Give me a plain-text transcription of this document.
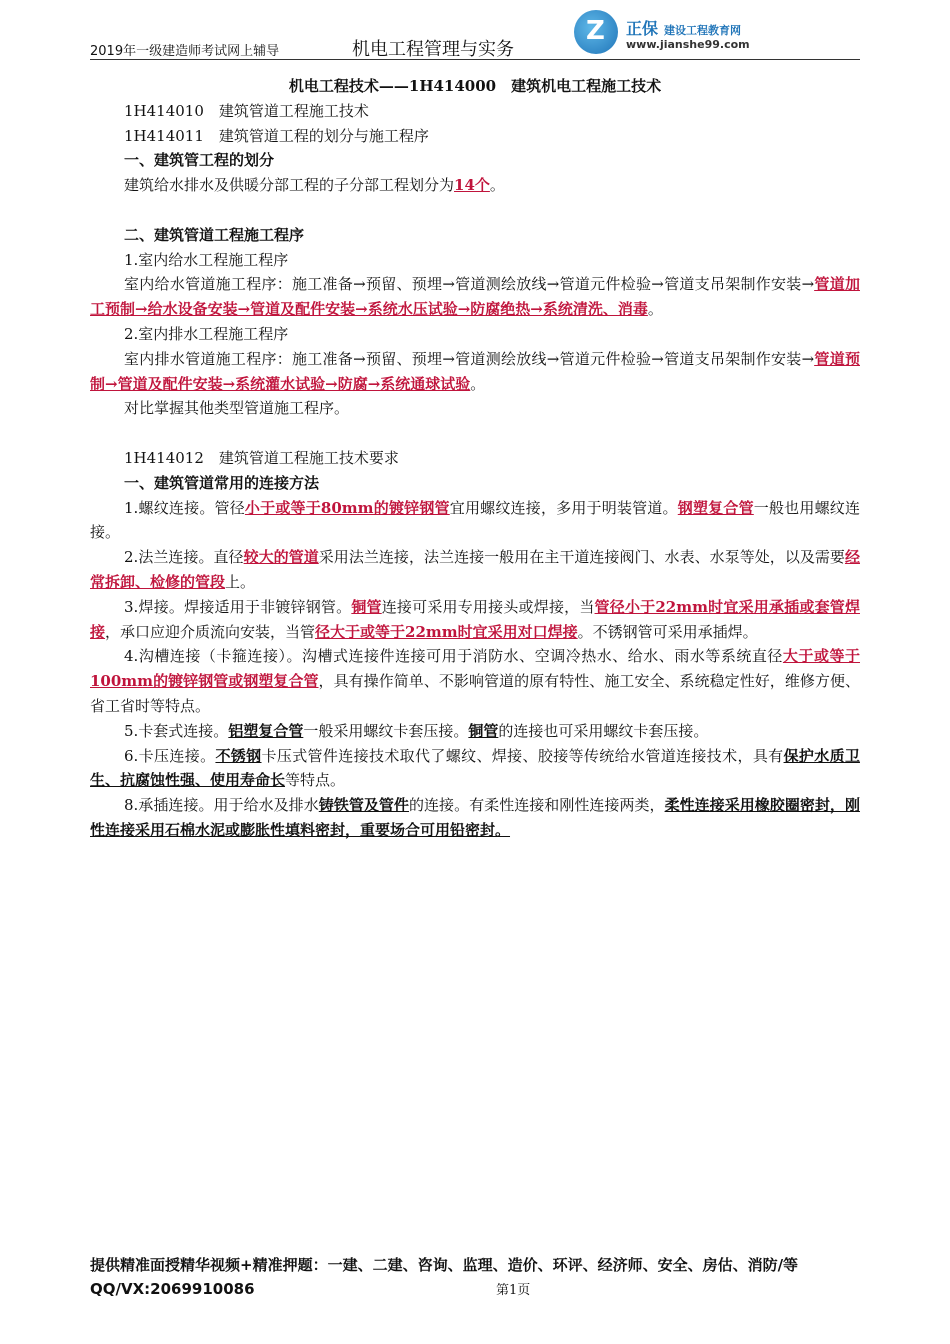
2019年一级建造师考试网上辅导	机电工程管理与实务
Z 正保 建设工程教育网
www.jianshe99.com

机电工程技术——1H414000　建筑机电工程施工技术

1H414010　建筑管道工程施工技术

1H414011　建筑管道工程的划分与施工程序

一、建筑管工程的划分

建筑给水排水及供暖分部工程的子分部工程划分为14个。

二、建筑管道工程施工程序

1.室内给水工程施工程序

室内给水管道施工程序：施工准备→预留、预埋→管道测绘放线→管道元件检验→管道支吊架制作安装→管道加工预制→给水设备安装→管道及配件安装→系统水压试验→防腐绝热→系统清洗、消毒。

2.室内排水工程施工程序

室内排水管道施工程序：施工准备→预留、预埋→管道测绘放线→管道元件检验→管道支吊架制作安装→管道预制→管道及配件安装→系统灌水试验→防腐→系统通球试验。

对比掌握其他类型管道施工程序。

1H414012　建筑管道工程施工技术要求

一、建筑管道常用的连接方法

1.螺纹连接。管径小于或等于80mm的镀锌钢管宜用螺纹连接，多用于明装管道。钢塑复合管一般也用螺纹连接。

2.法兰连接。直径较大的管道采用法兰连接，法兰连接一般用在主干道连接阀门、水表、水泵等处，以及需要经常拆卸、检修的管段上。

3.焊接。焊接适用于非镀锌钢管。铜管连接可采用专用接头或焊接，当管径小于22mm时宜采用承插或套管焊接，承口应迎介质流向安装，当管径大于或等于22mm时宜采用对口焊接。不锈钢管可采用承插焊。

4.沟槽连接（卡箍连接）。沟槽式连接件连接可用于消防水、空调冷热水、给水、雨水等系统直径大于或等于100mm的镀锌钢管或钢塑复合管，具有操作简单、不影响管道的原有特性、施工安全、系统稳定性好，维修方便、省工省时等特点。

5.卡套式连接。铝塑复合管一般采用螺纹卡套压接。铜管的连接也可采用螺纹卡套压接。

6.卡压连接。不锈钢卡压式管件连接技术取代了螺纹、焊接、胶接等传统给水管道连接技术，具有保护水质卫生、抗腐蚀性强、使用寿命长等特点。

8.承插连接。用于给水及排水铸铁管及管件的连接。有柔性连接和刚性连接两类，柔性连接采用橡胶圈密封，刚性连接采用石棉水泥或膨胀性填料密封，重要场合可用铅密封。

提供精准面授精华视频+精准押题：一建、二建、咨询、监理、造价、环评、经济师、安全、房估、消防/等
QQ/VX:2069910086	第1页
